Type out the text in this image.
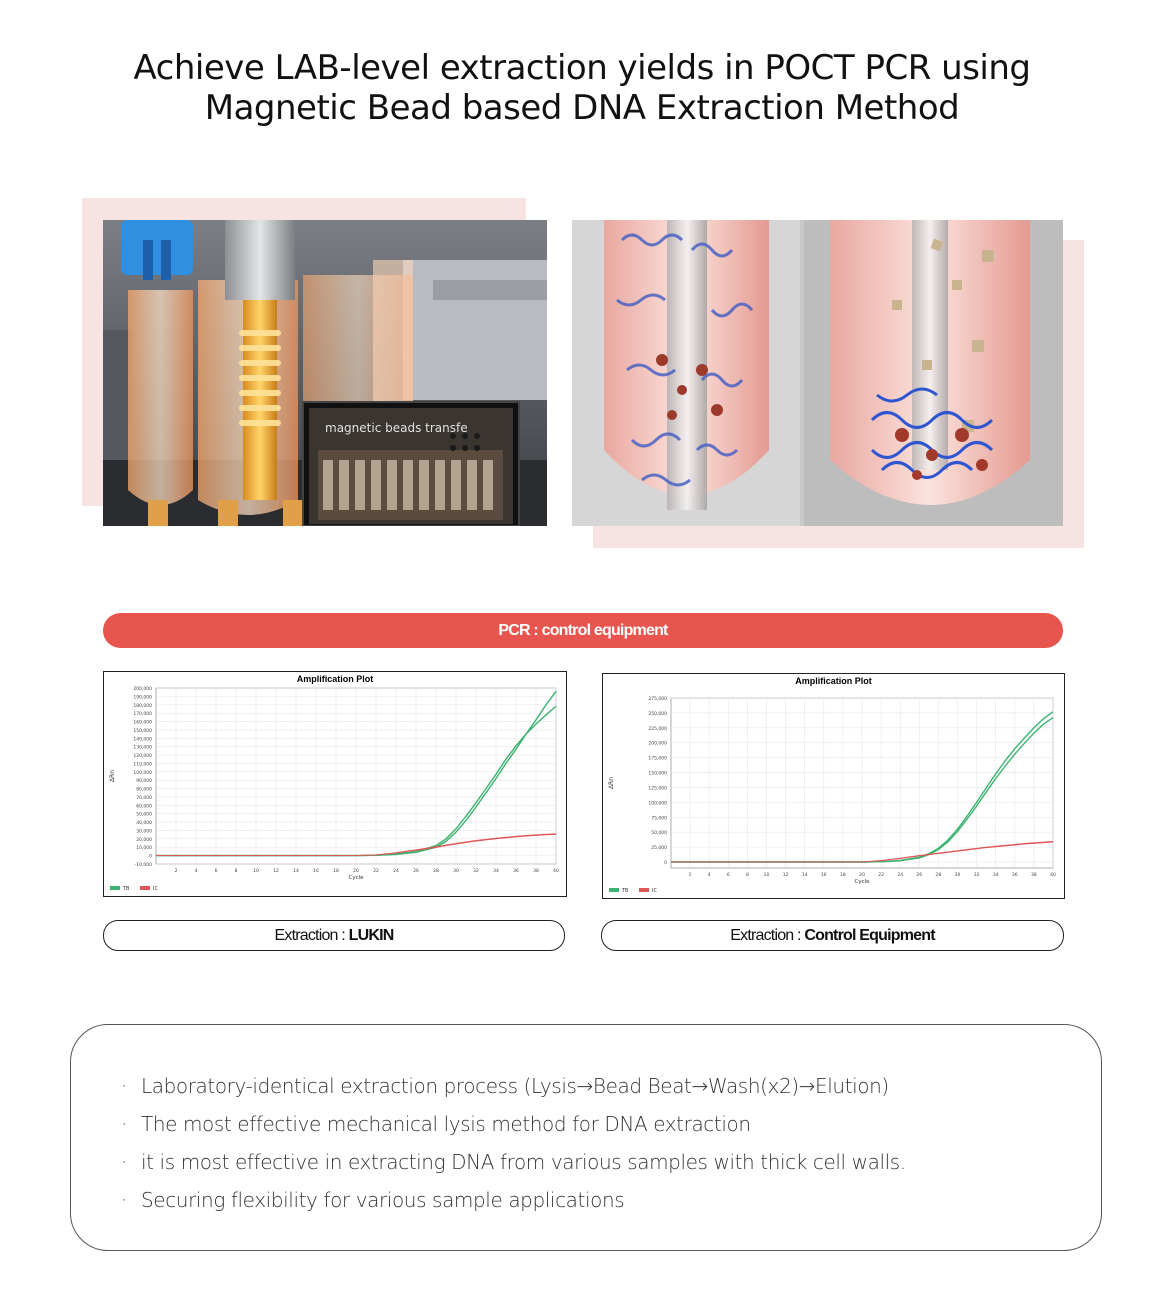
Achieve LAB-level extraction yields in POCT PCR using
Magnetic Bead based DNA Extraction Method
magnetic beads transfe
PCR : control equipment
Amplification Plot
-10,000
0
10,000
20,000
30,000
40,000
50,000
60,000
70,000
80,000
90,000
100,000
110,000
120,000
130,000
140,000
150,000
160,000
170,000
180,000
190,000
200,000
2	4	6	8	10	12	14	16	18	20	22	24	26	28	30	32	34	36	38	40
Cycle
ΔRn
TB	IC
Amplification Plot
0
25,000
50,000
75,000
100,000
125,000
150,000
175,000
200,000
225,000
250,000
275,000
2	4	6	8	10	12	14	16	18	20	22	24	26	28	30	32	34	36	38	40
Cycle
ΔRn
TB	IC
Extraction : LUKIN	Extraction : Control Equipment
· Laboratory-identical extraction process (Lysis→Bead Beat→Wash(x2)→Elution)
· The most effective mechanical lysis method for DNA extraction
· it is most effective in extracting DNA from various samples with thick cell walls.
· Securing flexibility for various sample applications
